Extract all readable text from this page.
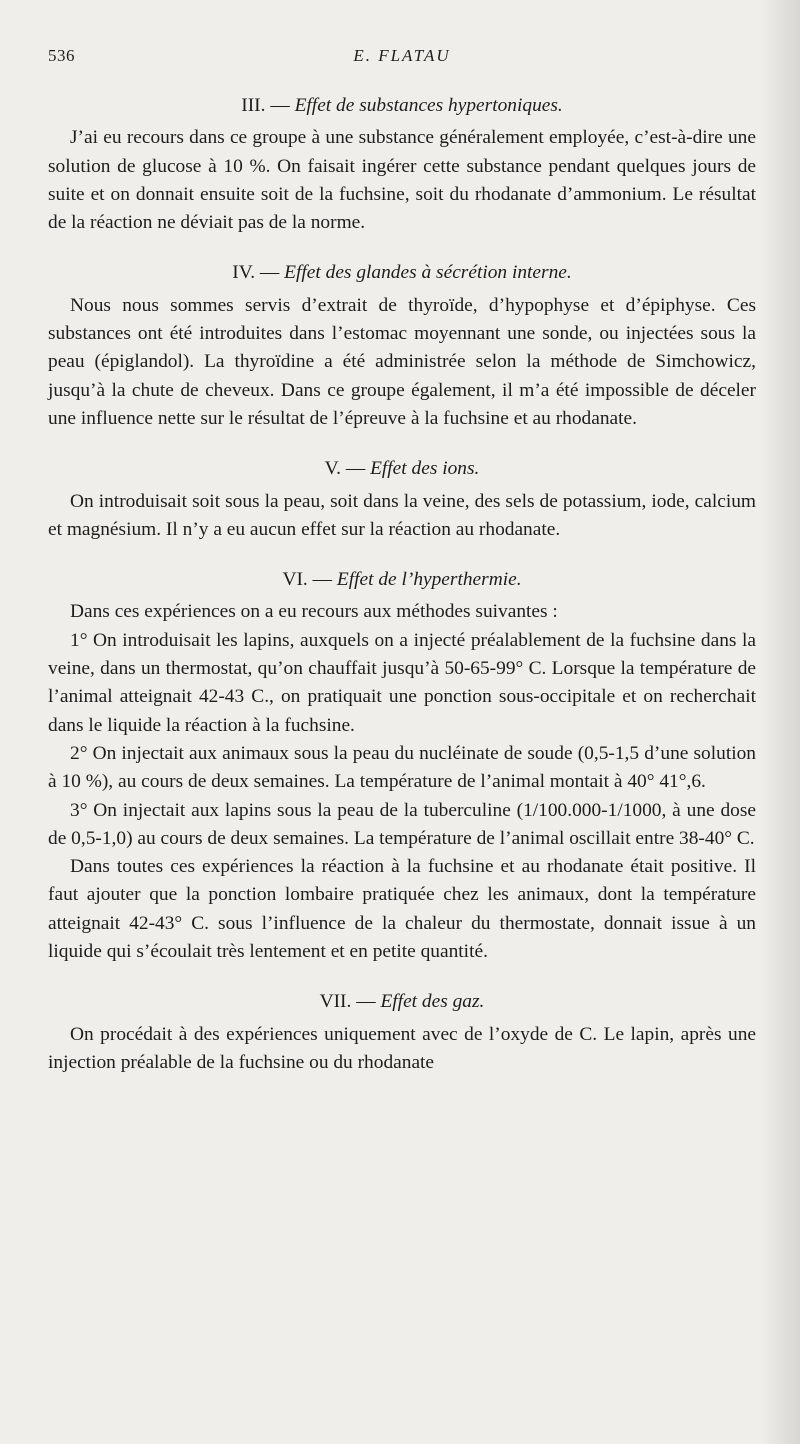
536	E. FLATAU
III. — Effet de substances hypertoniques.

J’ai eu recours dans ce groupe à une substance généralement employée, c’est-à-dire une solution de glucose à 10 %. On faisait ingérer cette substance pendant quelques jours de suite et on donnait ensuite soit de la fuchsine, soit du rhodanate d’ammonium. Le résultat de la réaction ne déviait pas de la norme.

IV. — Effet des glandes à sécrétion interne.

Nous nous sommes servis d’extrait de thyroïde, d’hypophyse et d’épiphyse. Ces substances ont été introduites dans l’estomac moyennant une sonde, ou injectées sous la peau (épiglandol). La thyroïdine a été administrée selon la méthode de Simchowicz, jusqu’à la chute de cheveux. Dans ce groupe également, il m’a été impossible de déceler une influence nette sur le résultat de l’épreuve à la fuchsine et au rhodanate.

V. — Effet des ions.

On introduisait soit sous la peau, soit dans la veine, des sels de potassium, iode, calcium et magnésium. Il n’y a eu aucun effet sur la réaction au rhodanate.

VI. — Effet de l’hyperthermie.

Dans ces expériences on a eu recours aux méthodes suivantes :

1° On introduisait les lapins, auxquels on a injecté préalablement de la fuchsine dans la veine, dans un thermostat, qu’on chauffait jusqu’à 50-65-99° C. Lorsque la température de l’animal atteignait 42-43 C., on pratiquait une ponction sous-occipitale et on recherchait dans le liquide la réaction à la fuchsine.

2° On injectait aux animaux sous la peau du nucléinate de soude (0,5-1,5 d’une solution à 10 %), au cours de deux semaines. La température de l’animal montait à 40° 41°,6.

3° On injectait aux lapins sous la peau de la tuberculine (1/100.000-1/1000, à une dose de 0,5-1,0) au cours de deux semaines. La température de l’animal oscillait entre 38-40° C.

Dans toutes ces expériences la réaction à la fuchsine et au rhodanate était positive. Il faut ajouter que la ponction lombaire pratiquée chez les animaux, dont la température atteignait 42-43° C. sous l’influence de la chaleur du thermostate, donnait issue à un liquide qui s’écoulait très lentement et en petite quantité.

VII. — Effet des gaz.

On procédait à des expériences uniquement avec de l’oxyde de C. Le lapin, après une injection préalable de la fuchsine ou du rhodanate
